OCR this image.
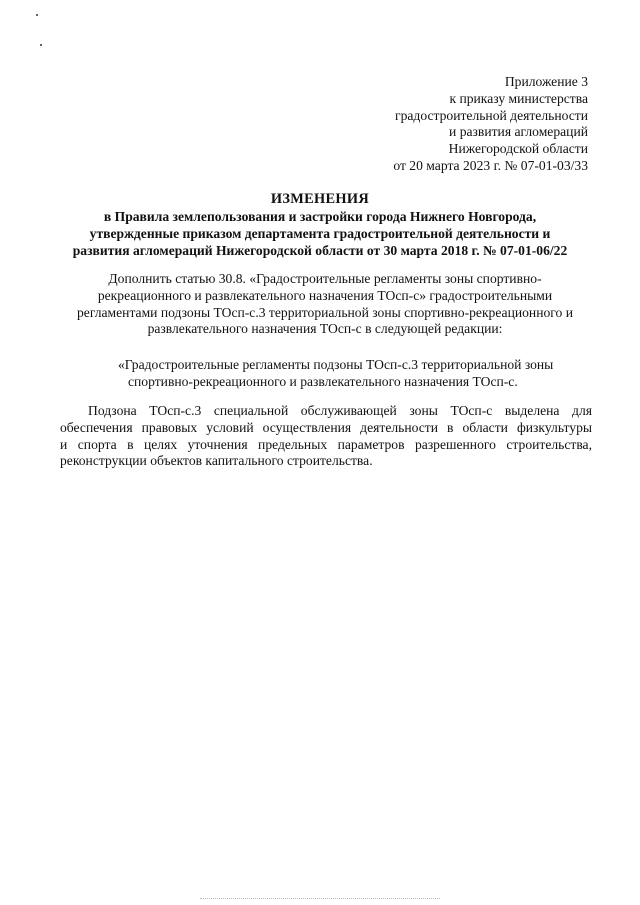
Приложение 3
к приказу министерства
градостроительной деятельности
и развития агломераций
Нижегородской области
от 20 марта 2023 г. № 07-01-03/33
ИЗМЕНЕНИЯ
в Правила землепользования и застройки города Нижнего Новгорода,
утвержденные приказом департамента градостроительной деятельности и
развития агломераций Нижегородской области от 30 марта 2018 г. № 07-01-06/22
Дополнить статью 30.8. «Градостроительные регламенты зоны спортивно-
рекреационного и развлекательного назначения ТОсп-с» градостроительными
регламентами подзоны ТОсп-с.3 территориальной зоны спортивно-рекреационного и
развлекательного назначения ТОсп-с в следующей редакции:
«Градостроительные регламенты подзоны ТОсп-с.3 территориальной зоны
спортивно-рекреационного и развлекательного назначения ТОсп-с.
Подзона ТОсп-с.3 специальной обслуживающей зоны ТОсп-с выделена для
обеспечения правовых условий осуществления деятельности в области физкультуры
и спорта в целях уточнения предельных параметров разрешенного строительства,
реконструкции объектов капитального строительства.
